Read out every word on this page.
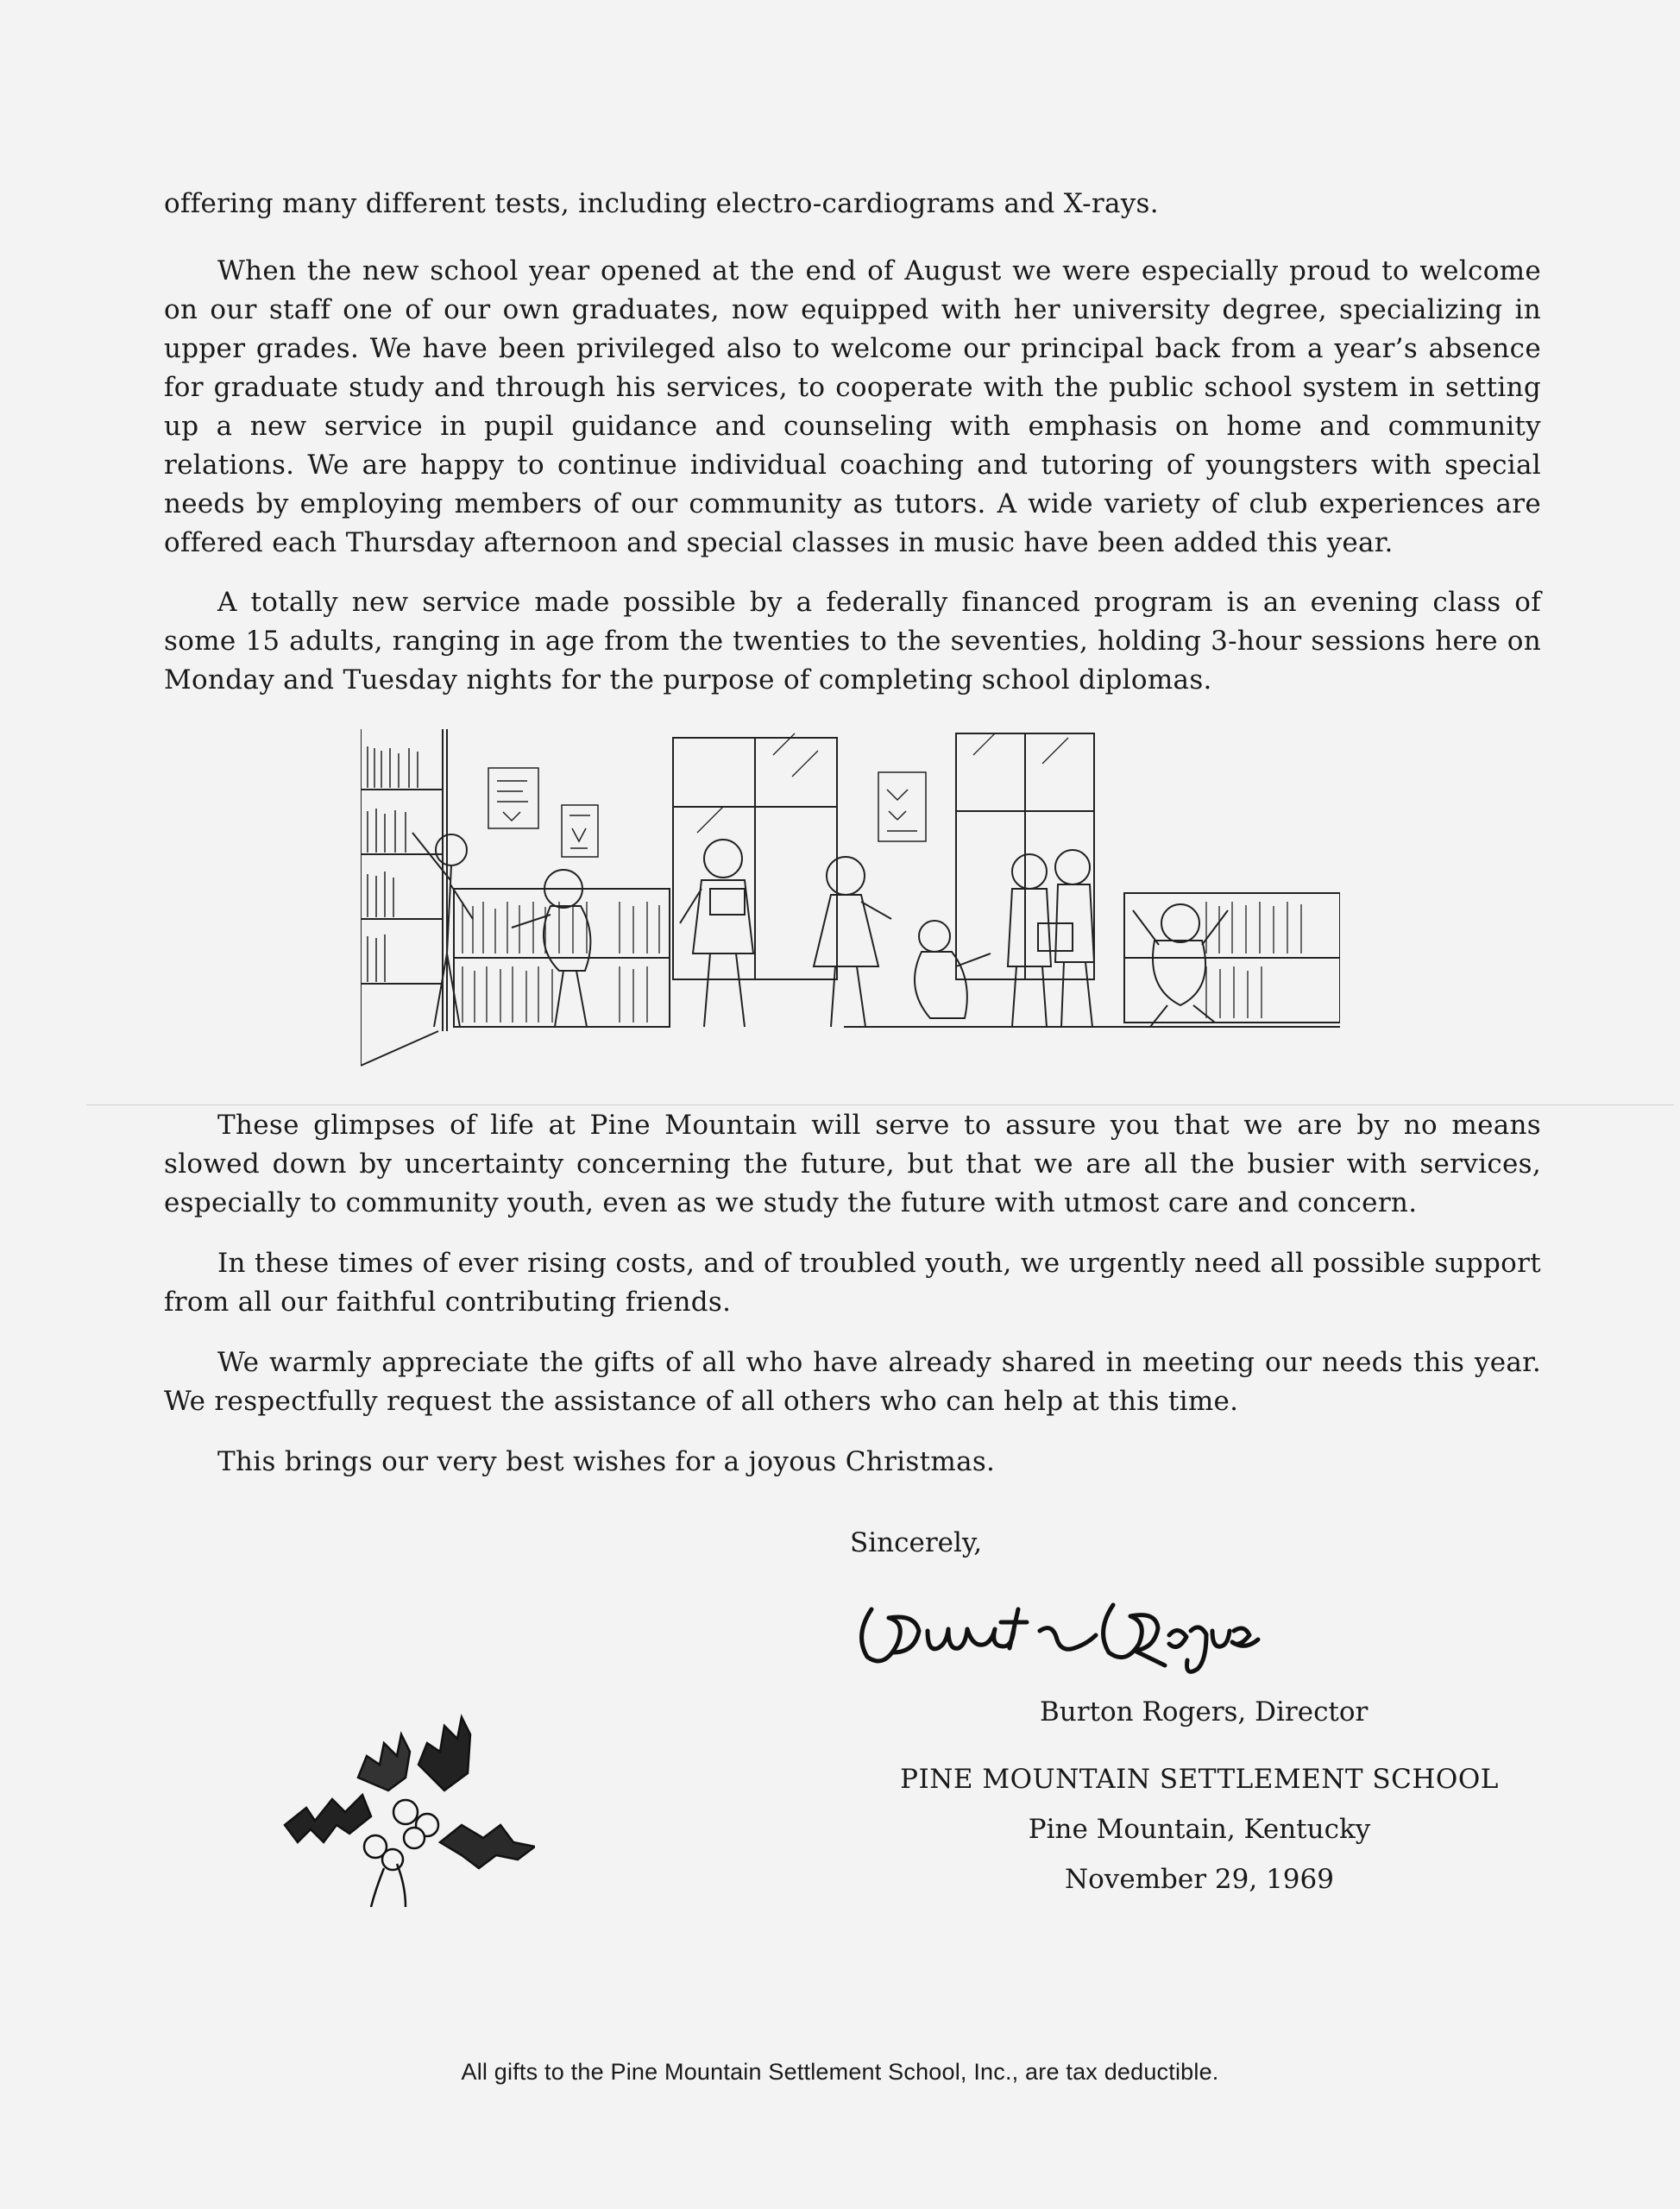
offering many different tests, including electro-cardiograms and X-rays.

When the new school year opened at the end of August we were especially proud to welcome on our staff one of our own graduates, now equipped with her university degree, specializing in upper grades. We have been privileged also to welcome our principal back from a year’s absence for graduate study and through his services, to cooperate with the public school system in setting up a new service in pupil guidance and counseling with emphasis on home and community relations. We are happy to continue individual coaching and tutoring of youngsters with special needs by employing members of our community as tutors. A wide variety of club experiences are offered each Thursday afternoon and special classes in music have been added this year.

A totally new service made possible by a federally financed program is an evening class of some 15 adults, ranging in age from the twenties to the seventies, holding 3-hour sessions here on Monday and Tuesday nights for the purpose of completing school diplomas.

These glimpses of life at Pine Mountain will serve to assure you that we are by no means slowed down by uncertainty concerning the future, but that we are all the busier with services, especially to community youth, even as we study the future with utmost care and concern.

In these times of ever rising costs, and of troubled youth, we urgently need all possible support from all our faithful contributing friends.

We warmly appreciate the gifts of all who have already shared in meeting our needs this year. We respectfully request the assistance of all others who can help at this time.

This brings our very best wishes for a joyous Christmas.

Sincerely,
Burton Rogers, Director
PINE MOUNTAIN SETTLEMENT SCHOOL
Pine Mountain, Kentucky
November 29, 1969
All gifts to the Pine Mountain Settlement School, Inc., are tax deductible.
